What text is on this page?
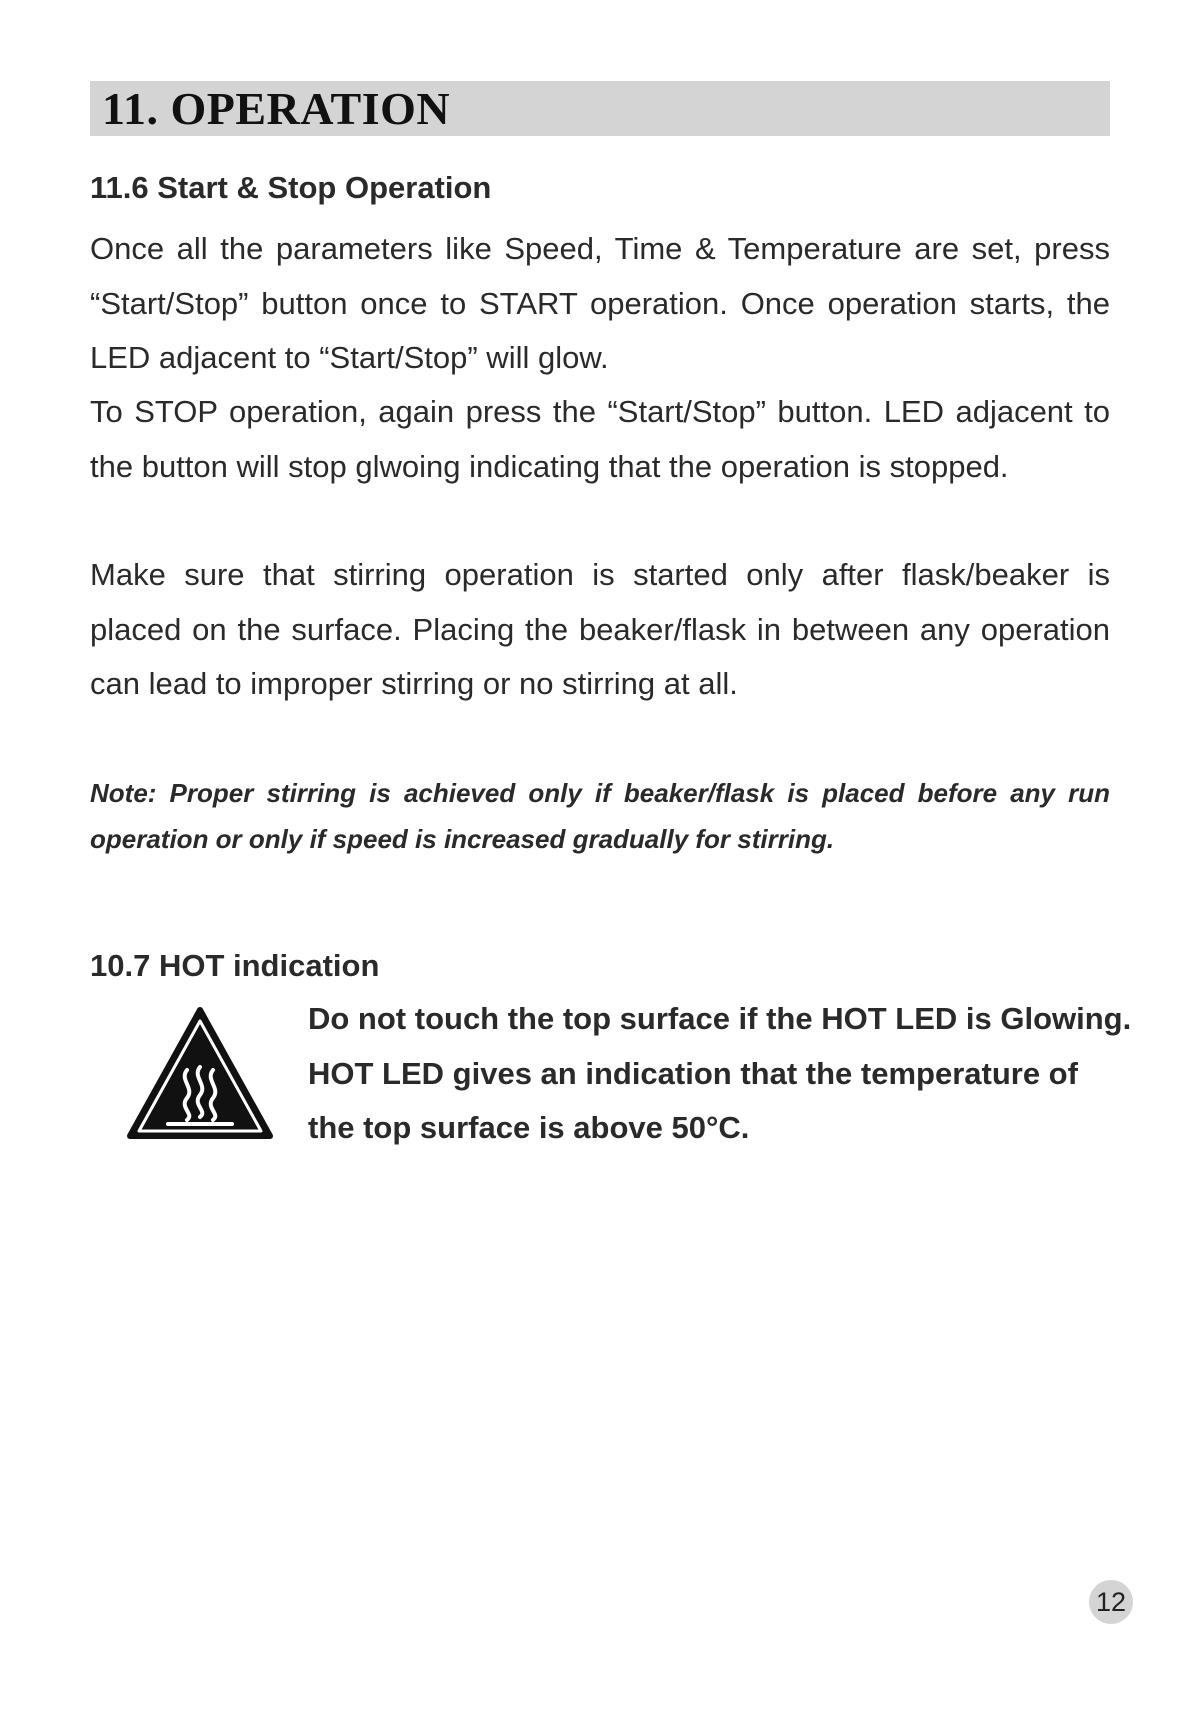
11. OPERATION
11.6 Start & Stop Operation

Once all the parameters like Speed, Time & Temperature are set, press “Start/Stop” button once to START operation. Once operation starts, the LED adjacent to “Start/Stop” will glow.

To STOP operation, again press the “Start/Stop” button. LED adjacent to the button will stop glwoing indicating that the operation is stopped.

Make sure that stirring operation is started only after flask/beaker is placed on the surface. Placing the beaker/flask in between any operation can lead to improper stirring or no stirring at all.

Note: Proper stirring is achieved only if beaker/flask is placed before any run operation or only if speed is increased gradually for stirring.

10.7 HOT indication

Do not touch the top surface if the HOT LED is Glowing.
HOT LED gives an indication that the temperature of
the top surface is above 50°C.

12
